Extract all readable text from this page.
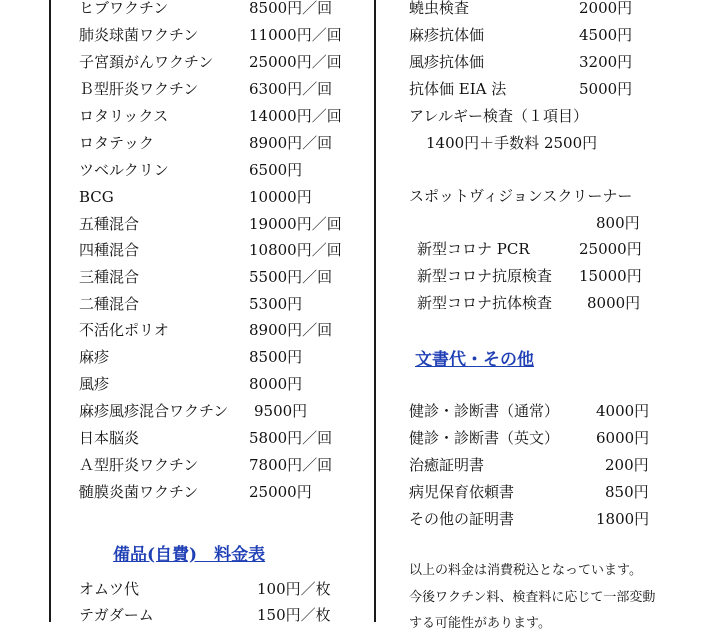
ヒブワクチン	8500円／回
肺炎球菌ワクチン	11000円／回
子宮頚がんワクチン 25000円／回
Ｂ型肝炎ワクチン	6300円／回
ロタリックス	14000円／回
ロタテック	8900円／回
ツベルクリン	6500円
BCG	10000円
五種混合	19000円／回
四種混合	10800円／回
三種混合	5500円／回
二種混合	5300円
不活化ポリオ	8900円／回
麻疹	8500円
風疹	8000円
麻疹風疹混合ワクチン 9500円
日本脳炎	5800円／回
Ａ型肝炎ワクチン	7800円／回
髄膜炎菌ワクチン	25000円
備品(自費)　料金表
オムツ代	100円／枚
テガダーム	150円／枚
蟯虫検査	2000円
麻疹抗体価	4500円
風疹抗体価	3200円
抗体価 EIA 法	5000円
アレルギー検査（１項目）
1400円＋手数料 2500円
スポットヴィジョンスクリーナー
800円
新型コロナ PCR	25000円
新型コロナ抗原検査 15000円
新型コロナ抗体検査 8000円
文書代・その他
健診・診断書（通常） 4000円
健診・診断書（英文） 6000円
治癒証明書	200円
病児保育依頼書	850円
その他の証明書	1800円
以上の料金は消費税込となっています。
今後ワクチン料、検査料に応じて一部変動
する可能性があります。
